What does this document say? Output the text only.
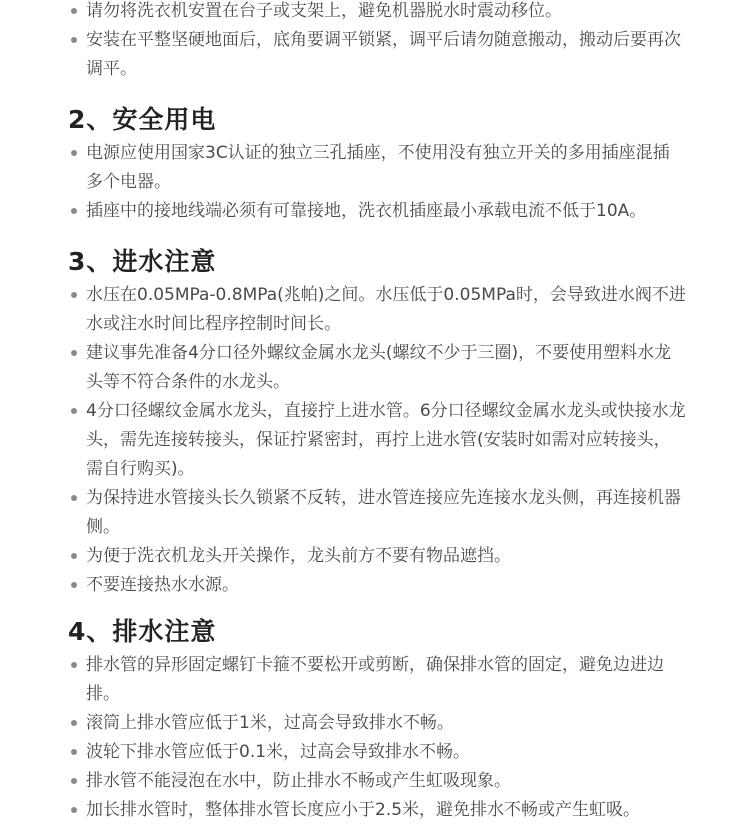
请勿将洗衣机安置在台子或支架上，避免机器脱水时震动移位。
安装在平整坚硬地面后，底角要调平锁紧，调平后请勿随意搬动，搬动后要再次调平。
2、安全用电
电源应使用国家3C认证的独立三孔插座，不使用没有独立开关的多用插座混插多个电器。
插座中的接地线端必须有可靠接地，洗衣机插座最小承载电流不低于10A。
3、进水注意
水压在0.05MPa-0.8MPa(兆帕)之间。水压低于0.05MPa时，会导致进水阀不进水或注水时间比程序控制时间长。
建议事先准备4分口径外螺纹金属水龙头(螺纹不少于三圈)，不要使用塑料水龙头等不符合条件的水龙头。
4分口径螺纹金属水龙头，直接拧上进水管。6分口径螺纹金属水龙头或快接水龙头，需先连接转接头，保证拧紧密封，再拧上进水管(安装时如需对应转接头，需自行购买)。
为保持进水管接头长久锁紧不反转，进水管连接应先连接水龙头侧，再连接机器侧。
为便于洗衣机龙头开关操作，龙头前方不要有物品遮挡。
不要连接热水水源。
4、排水注意
排水管的异形固定螺钉卡箍不要松开或剪断，确保排水管的固定，避免边进边排。
滚筒上排水管应低于1米，过高会导致排水不畅。
波轮下排水管应低于0.1米，过高会导致排水不畅。
排水管不能浸泡在水中，防止排水不畅或产生虹吸现象。
加长排水管时，整体排水管长度应小于2.5米，避免排水不畅或产生虹吸。
